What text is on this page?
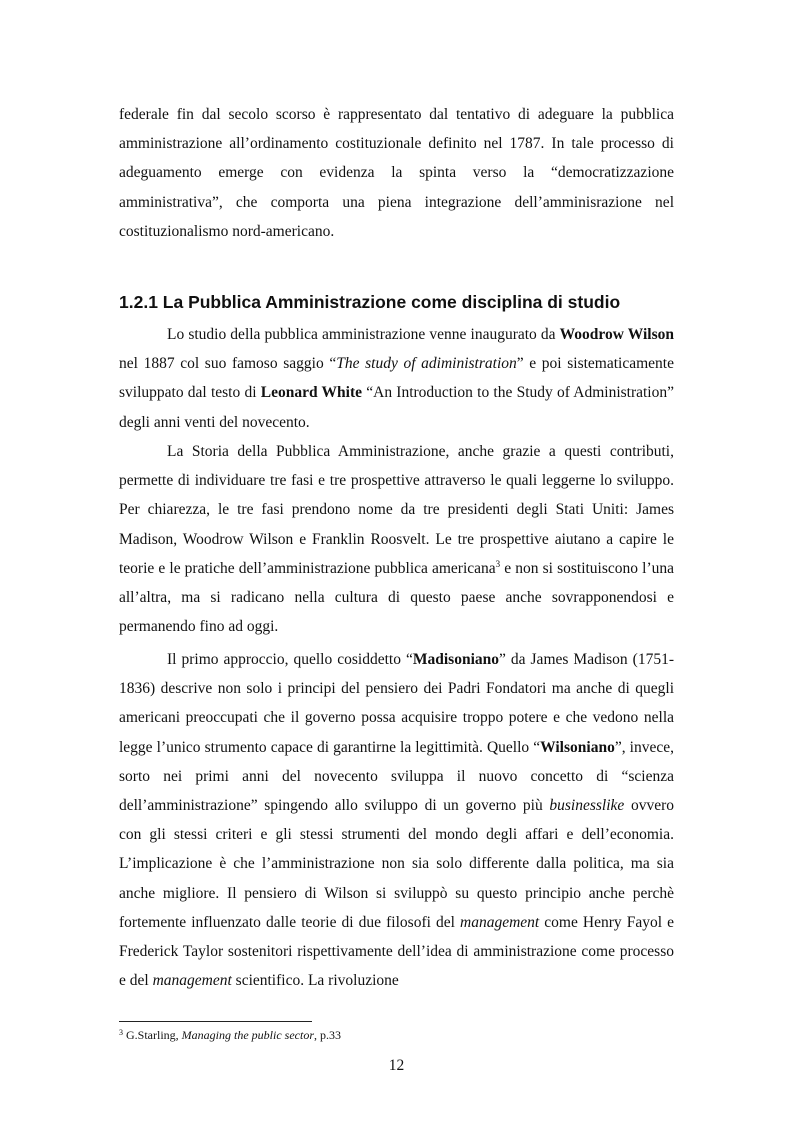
federale fin dal secolo scorso è rappresentato dal tentativo di adeguare la pubblica amministrazione all’ordinamento costituzionale definito nel 1787. In tale processo di adeguamento emerge con evidenza la spinta verso la “democratizzazione amministrativa”, che comporta una piena integrazione dell’amminisrazione nel costituzionalismo nord-americano.

1.2.1 La Pubblica Amministrazione come disciplina di studio

Lo studio della pubblica amministrazione venne inaugurato da Woodrow Wilson nel 1887 col suo famoso saggio “The study of adiministration” e poi sistematicamente sviluppato dal testo di Leonard White “An Introduction to the Study of Administration” degli anni venti del novecento.

La Storia della Pubblica Amministrazione, anche grazie a questi contributi, permette di individuare tre fasi e tre prospettive attraverso le quali leggerne lo sviluppo. Per chiarezza, le tre fasi prendono nome da tre presidenti degli Stati Uniti: James Madison, Woodrow Wilson e Franklin Roosvelt. Le tre prospettive aiutano a capire le teorie e le pratiche dell’amministrazione pubblica americana$^3$ e non si sostituiscono l’una all’altra, ma si radicano nella cultura di questo paese anche sovrapponendosi e permanendo fino ad oggi.

Il primo approccio, quello cosiddetto “Madisoniano” da James Madison (1751-1836) descrive non solo i principi del pensiero dei Padri Fondatori ma anche di quegli americani preoccupati che il governo possa acquisire troppo potere e che vedono nella legge l’unico strumento capace di garantirne la legittimità. Quello “Wilsoniano”, invece, sorto nei primi anni del novecento sviluppa il nuovo concetto di “scienza dell’amministrazione” spingendo allo sviluppo di un governo più businesslike ovvero con gli stessi criteri e gli stessi strumenti del mondo degli affari e dell’economia. L’implicazione è che l’amministrazione non sia solo differente dalla politica, ma sia anche migliore. Il pensiero di Wilson si sviluppò su questo principio anche perchè fortemente influenzato dalle teorie di due filosofi del management come Henry Fayol e Frederick Taylor sostenitori rispettivamente dell’idea di amministrazione come processo e del management scientifico. La rivoluzione

$^3$ G.Starling, Managing the public sector, p.33

12
